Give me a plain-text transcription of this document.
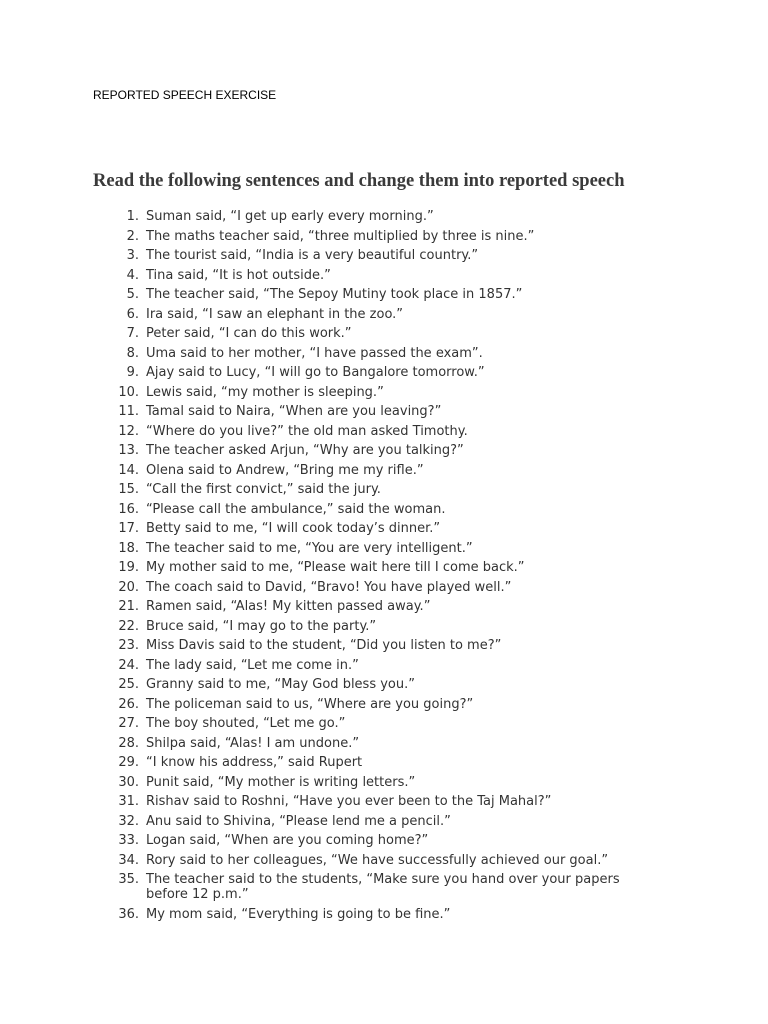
REPORTED SPEECH EXERCISE
Read the following sentences and change them into reported speech
1. Suman said, “I get up early every morning.”
2. The maths teacher said, “three multiplied by three is nine.”
3. The tourist said, “India is a very beautiful country.”
4. Tina said, “It is hot outside.”
5. The teacher said, “The Sepoy Mutiny took place in 1857.”
6. Ira said, “I saw an elephant in the zoo.”
7. Peter said, “I can do this work.”
8. Uma said to her mother, “I have passed the exam”.
9. Ajay said to Lucy, “I will go to Bangalore tomorrow.”
10. Lewis said, “my mother is sleeping.”
11. Tamal said to Naira, “When are you leaving?”
12. “Where do you live?” the old man asked Timothy.
13. The teacher asked Arjun, “Why are you talking?”
14. Olena said to Andrew, “Bring me my rifle.”
15. “Call the first convict,” said the jury.
16. “Please call the ambulance,” said the woman.
17. Betty said to me, “I will cook today’s dinner.”
18. The teacher said to me, “You are very intelligent.”
19. My mother said to me, “Please wait here till I come back.”
20. The coach said to David, “Bravo! You have played well.”
21. Ramen said, “Alas! My kitten passed away.”
22. Bruce said, “I may go to the party.”
23. Miss Davis said to the student, “Did you listen to me?”
24. The lady said, “Let me come in.”
25. Granny said to me, “May God bless you.”
26. The policeman said to us, “Where are you going?”
27. The boy shouted, “Let me go.”
28. Shilpa said, “Alas! I am undone.”
29. “I know his address,” said Rupert
30. Punit said, “My mother is writing letters.”
31. Rishav said to Roshni, “Have you ever been to the Taj Mahal?”
32. Anu said to Shivina, “Please lend me a pencil.”
33. Logan said, “When are you coming home?”
34. Rory said to her colleagues, “We have successfully achieved our goal.”
35. The teacher said to the students, “Make sure you hand over your papers before 12 p.m.”
36. My mom said, “Everything is going to be fine.”
